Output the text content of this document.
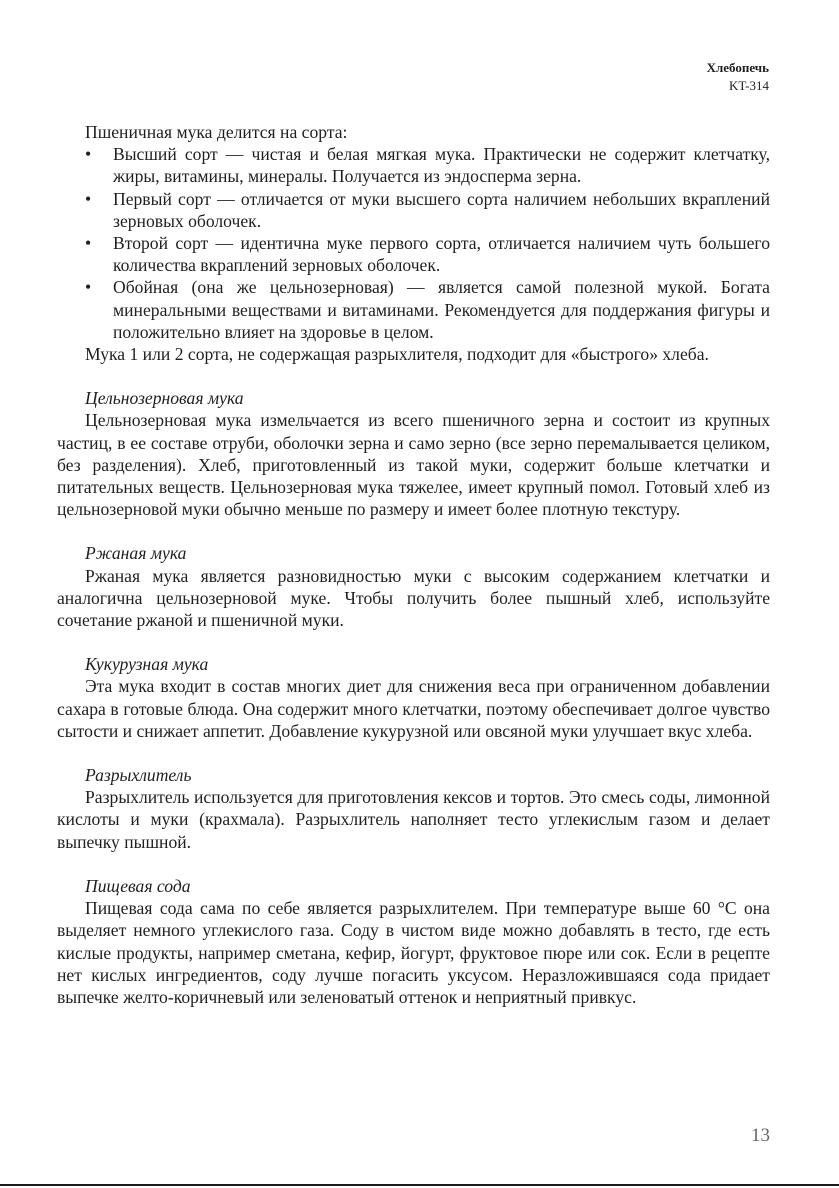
Хлебопечь
KT-314

Пшеничная мука делится на сорта:

• Высший сорт — чистая и белая мягкая мука. Практически не содержит клетчатку, жиры, витамины, минералы. Получается из эндосперма зерна.
• Первый сорт — отличается от муки высшего сорта наличием небольших вкраплений зерновых оболочек.
• Второй сорт — идентична муке первого сорта, отличается наличием чуть большего количества вкраплений зерновых оболочек.
• Обойная (она же цельнозерновая) — является самой полезной мукой. Богата минеральными веществами и витаминами. Рекомендуется для поддержания фигуры и положительно влияет на здоровье в целом.

Мука 1 или 2 сорта, не содержащая разрыхлителя, подходит для «быстрого» хлеба.

Цельнозерновая мука

Цельнозерновая мука измельчается из всего пшеничного зерна и состоит из крупных частиц, в ее составе отруби, оболочки зерна и само зерно (все зерно перемалывается целиком, без разделения). Хлеб, приготовленный из такой муки, содержит больше клетчатки и питательных веществ. Цельнозерновая мука тяжелее, имеет крупный помол. Готовый хлеб из цельнозерновой муки обычно меньше по размеру и имеет более плотную текстуру.

Ржаная мука

Ржаная мука является разновидностью муки с высоким содержанием клетчатки и аналогична цельнозерновой муке. Чтобы получить более пышный хлеб, используйте сочетание ржаной и пшеничной муки.

Кукурузная мука

Эта мука входит в состав многих диет для снижения веса при ограниченном добавлении сахара в готовые блюда. Она содержит много клетчатки, поэтому обеспечивает долгое чувство сытости и снижает аппетит. Добавление кукурузной или овсяной муки улучшает вкус хлеба.

Разрыхлитель

Разрыхлитель используется для приготовления кексов и тортов. Это смесь соды, лимонной кислоты и муки (крахмала). Разрыхлитель наполняет тесто углекислым газом и делает выпечку пышной.

Пищевая сода

Пищевая сода сама по себе является разрыхлителем. При температуре выше 60 °C она выделяет немного углекислого газа. Соду в чистом виде можно добавлять в тесто, где есть кислые продукты, например сметана, кефир, йогурт, фруктовое пюре или сок. Если в рецепте нет кислых ингредиентов, соду лучше погасить уксусом. Неразложившаяся сода придает выпечке желто-коричневый или зеленоватый оттенок и неприятный привкус.

13
